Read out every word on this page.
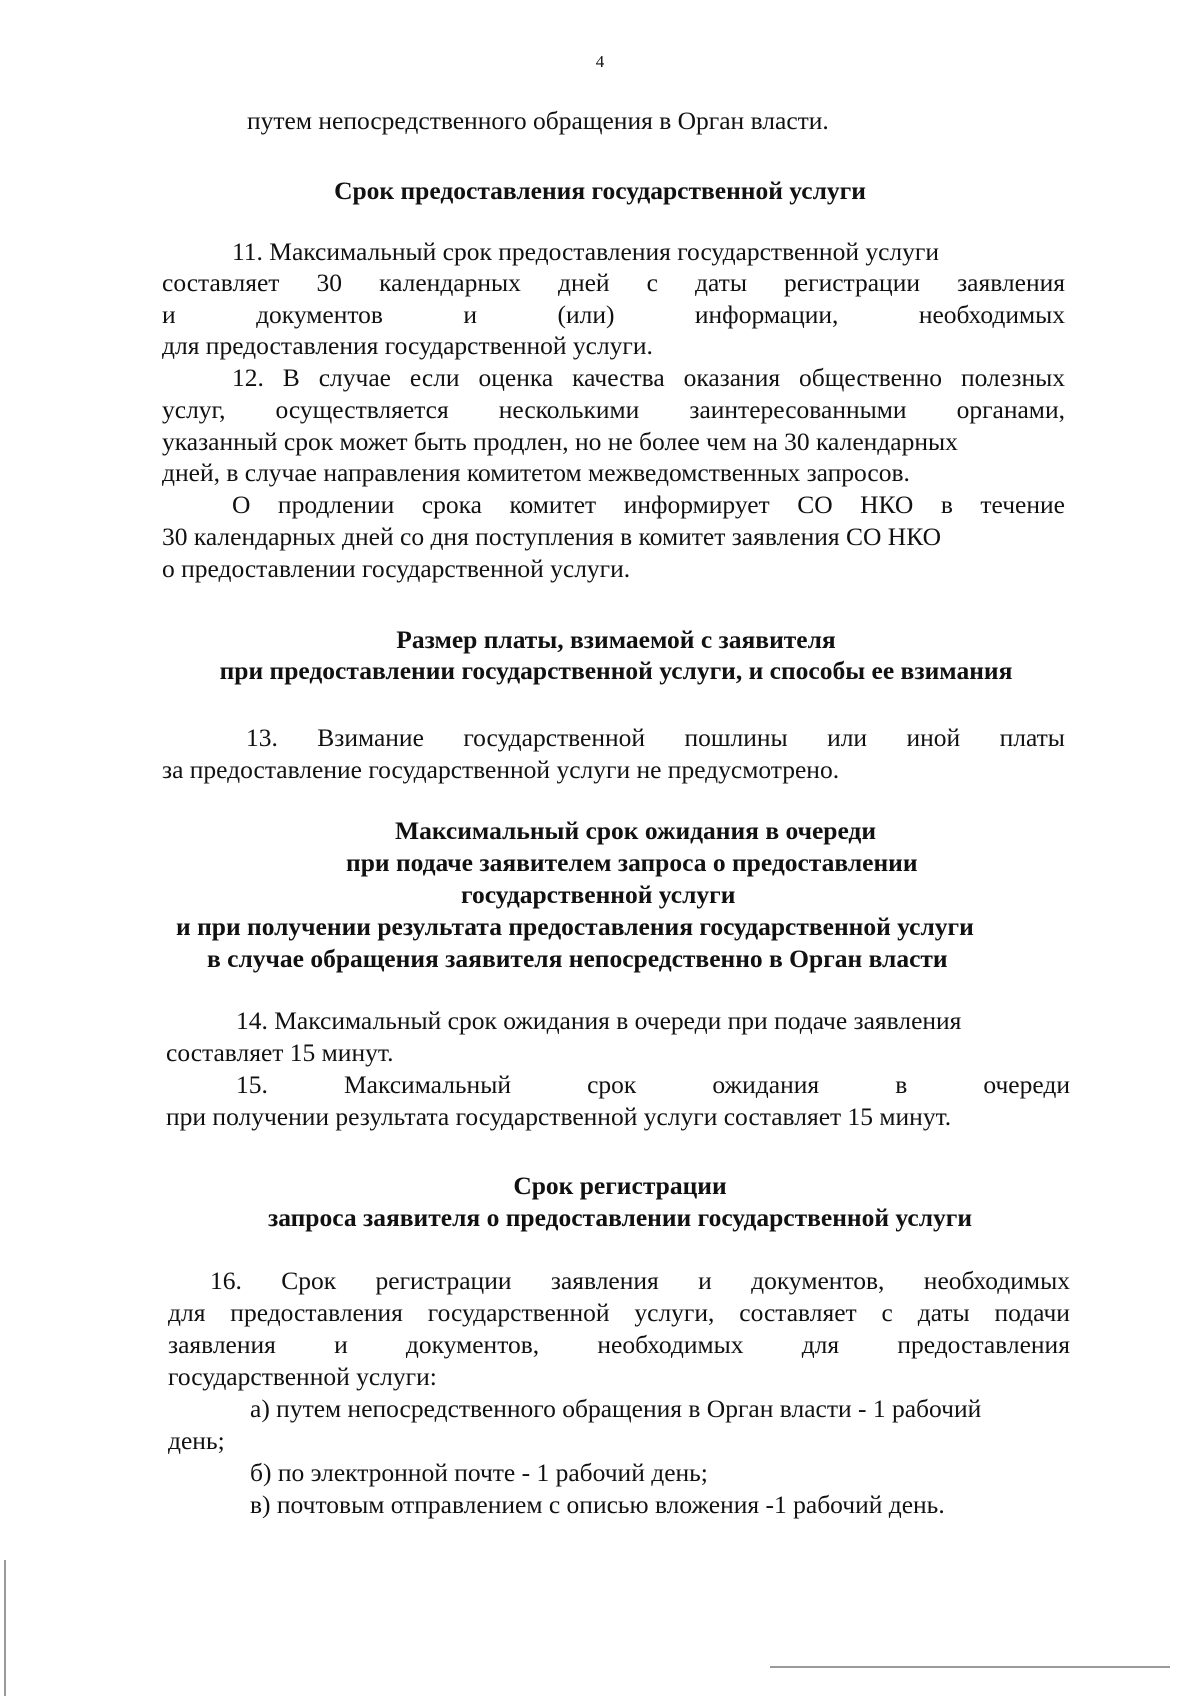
4
путем непосредственного обращения в Орган власти.
Срок предоставления государственной услуги
11. Максимальный срок предоставления государственной услуги
составляет 30 календарных дней с даты регистрации заявления
и	документов	и	(или)	информации,	необходимых
для предоставления государственной услуги.
12. В случае если оценка качества оказания общественно полезных
услуг, осуществляется несколькими заинтересованными органами,
указанный срок может быть продлен, но не более чем на 30 календарных
дней, в случае направления комитетом межведомственных запросов.
О продлении срока комитет информирует СО НКО в течение
30 календарных дней со дня поступления в комитет заявления СО НКО
о предоставлении государственной услуги.
Размер платы, взимаемой с заявителя
при предоставлении государственной услуги, и способы ее взимания
13. Взимание государственной пошлины или иной платы
за предоставление государственной услуги не предусмотрено.
Максимальный срок ожидания в очереди
при подаче заявителем запроса о предоставлении
государственной услуги
и при получении результата предоставления государственной услуги
в случае обращения заявителя непосредственно в Орган власти
14. Максимальный срок ожидания в очереди при подаче заявления
составляет 15 минут.
15.	Максимальный	срок	ожидания	в	очереди
при получении результата государственной услуги составляет 15 минут.
Срок регистрации
запроса заявителя о предоставлении государственной услуги
16. Срок регистрации заявления и документов, необходимых
для предоставления государственной услуги, составляет с даты подачи
заявления и документов, необходимых для предоставления
государственной услуги:
а) путем непосредственного обращения в Орган власти - 1 рабочий
день;
б) по электронной почте - 1 рабочий день;
в) почтовым отправлением с описью вложения -1 рабочий день.
